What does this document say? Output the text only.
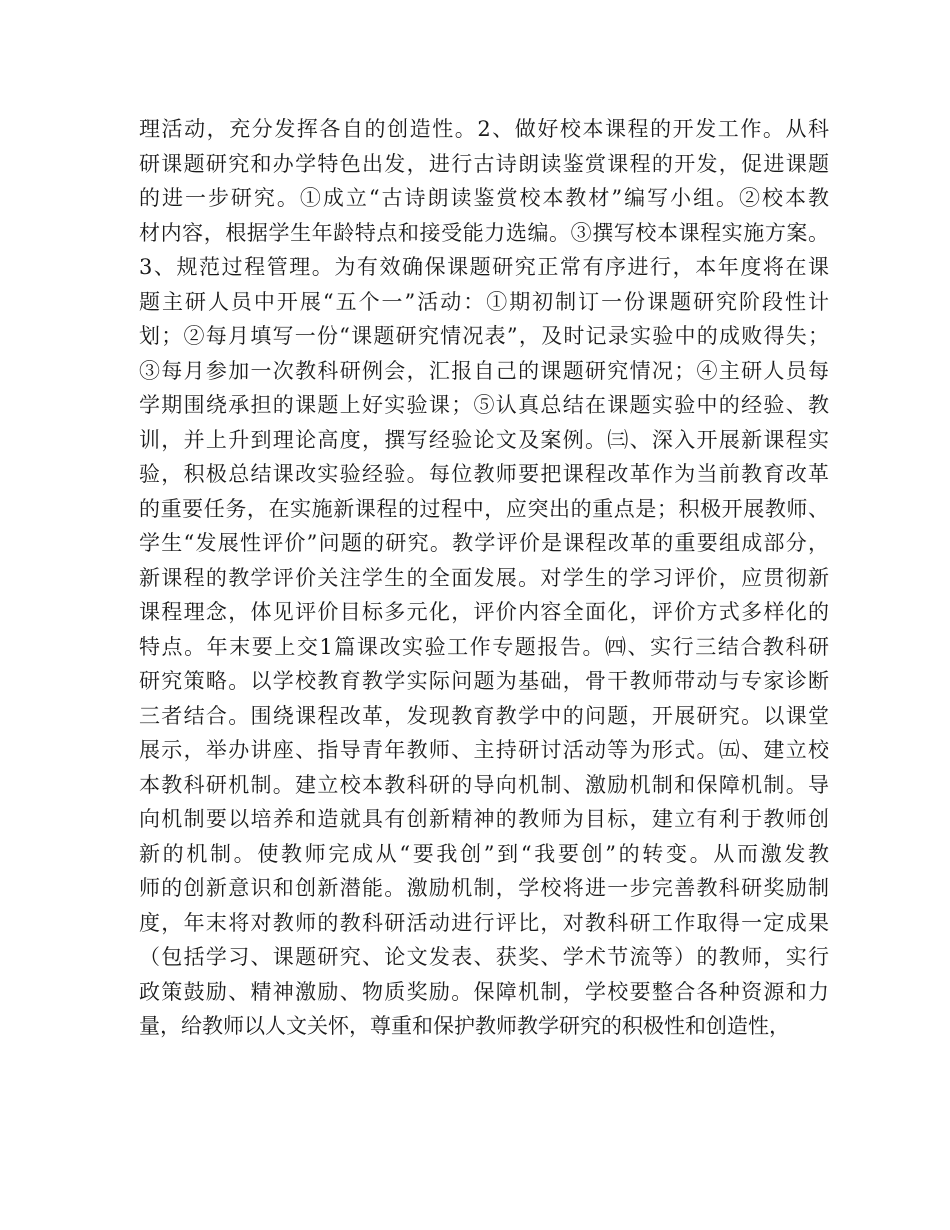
理活动，充分发挥各自的创造性。2、做好校本课程的开发工作。从科
研课题研究和办学特色出发，进行古诗朗读鉴赏课程的开发，促进课题
的进一步研究。①成立“古诗朗读鉴赏校本教材”编写小组。②校本教
材内容，根据学生年龄特点和接受能力选编。③撰写校本课程实施方案。
3、规范过程管理。为有效确保课题研究正常有序进行，本年度将在课
题主研人员中开展“五个一”活动：①期初制订一份课题研究阶段性计
划；②每月填写一份“课题研究情况表”，及时记录实验中的成败得失；
③每月参加一次教科研例会，汇报自己的课题研究情况；④主研人员每
学期围绕承担的课题上好实验课；⑤认真总结在课题实验中的经验、教
训，并上升到理论高度，撰写经验论文及案例。㈢、深入开展新课程实
验，积极总结课改实验经验。每位教师要把课程改革作为当前教育改革
的重要任务，在实施新课程的过程中，应突出的重点是；积极开展教师、
学生“发展性评价”问题的研究。教学评价是课程改革的重要组成部分，
新课程的教学评价关注学生的全面发展。对学生的学习评价，应贯彻新
课程理念，体见评价目标多元化，评价内容全面化，评价方式多样化的
特点。年末要上交1篇课改实验工作专题报告。㈣、实行三结合教科研
研究策略。以学校教育教学实际问题为基础，骨干教师带动与专家诊断
三者结合。围绕课程改革，发现教育教学中的问题，开展研究。以课堂
展示，举办讲座、指导青年教师、主持研讨活动等为形式。㈤、建立校
本教科研机制。建立校本教科研的导向机制、激励机制和保障机制。导
向机制要以培养和造就具有创新精神的教师为目标，建立有利于教师创
新的机制。使教师完成从“要我创”到“我要创”的转变。从而激发教
师的创新意识和创新潜能。激励机制，学校将进一步完善教科研奖励制
度，年末将对教师的教科研活动进行评比，对教科研工作取得一定成果
（包括学习、课题研究、论文发表、获奖、学术节流等）的教师，实行
政策鼓励、精神激励、物质奖励。保障机制，学校要整合各种资源和力
量，给教师以人文关怀，尊重和保护教师教学研究的积极性和创造性，
